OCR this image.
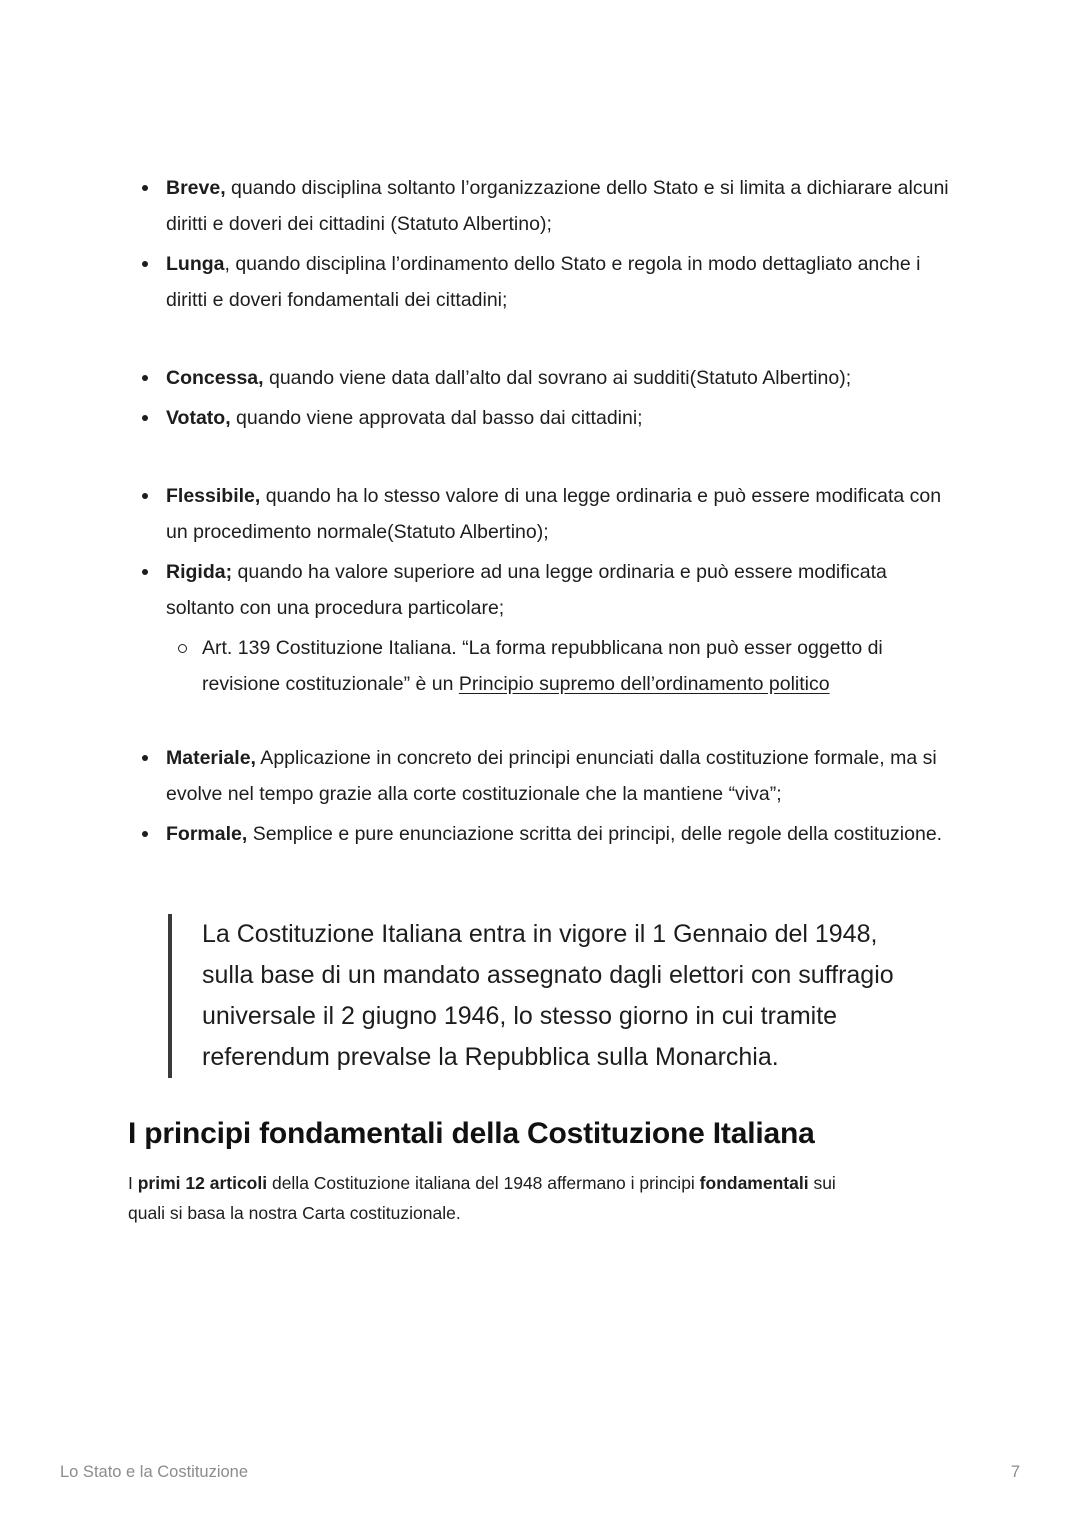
Breve, quando disciplina soltanto l’organizzazione dello Stato e si limita a dichiarare alcuni diritti e doveri dei cittadini (Statuto Albertino);
Lunga, quando disciplina l’ordinamento dello Stato e regola in modo dettagliato anche i diritti e doveri fondamentali dei cittadini;
Concessa, quando viene data dall’alto dal sovrano ai sudditi(Statuto Albertino);
Votato, quando viene approvata dal basso dai cittadini;
Flessibile, quando ha lo stesso valore di una legge ordinaria e può essere modificata con un procedimento normale(Statuto Albertino);
Rigida; quando ha valore superiore ad una legge ordinaria e può essere modificata soltanto con una procedura particolare;
Art. 139 Costituzione Italiana. “La forma repubblicana non può esser oggetto di revisione costituzionale” è un Principio supremo dell’ordinamento politico
Materiale, Applicazione in concreto dei principi enunciati dalla costituzione formale, ma si evolve nel tempo grazie alla corte costituzionale che la mantiene “viva”;
Formale, Semplice e pure enunciazione scritta dei principi, delle regole della costituzione.
La Costituzione Italiana entra in vigore il 1 Gennaio del 1948, sulla base di un mandato assegnato dagli elettori con suffragio universale il 2 giugno 1946, lo stesso giorno in cui tramite referendum prevalse la Repubblica sulla Monarchia.
I principi fondamentali della Costituzione Italiana

I primi 12 articoli della Costituzione italiana del 1948 affermano i principi fondamentali sui quali si basa la nostra Carta costituzionale.

Lo Stato e la Costituzione	7
